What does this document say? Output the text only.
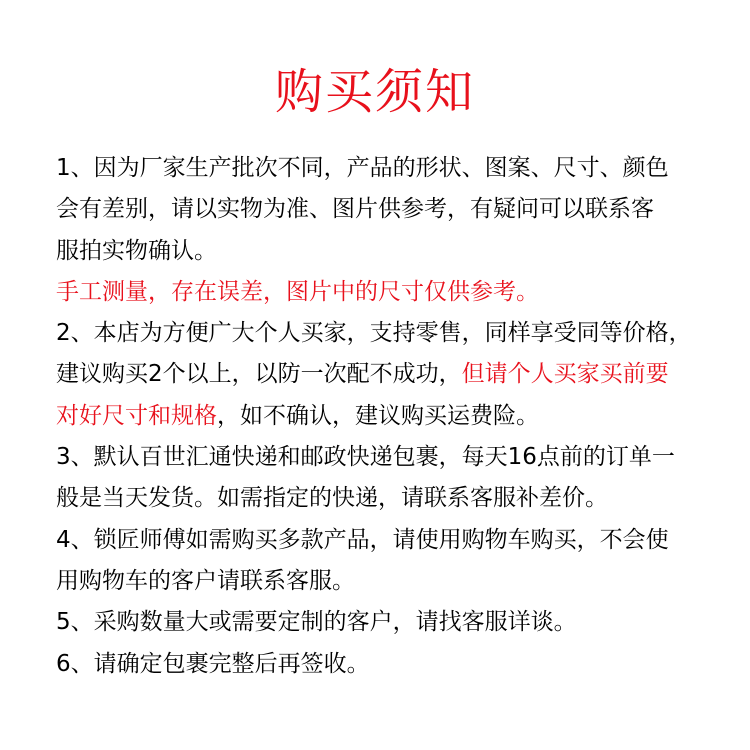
购买须知
1、因为厂家生产批次不同，产品的形状、图案、尺寸、颜色
会有差别，请以实物为准、图片供参考，有疑问可以联系客
服拍实物确认。
手工测量，存在误差，图片中的尺寸仅供参考。
2、本店为方便广大个人买家，支持零售，同样享受同等价格，
建议购买2个以上，以防一次配不成功，但请个人买家买前要
对好尺寸和规格，如不确认，建议购买运费险。
3、默认百世汇通快递和邮政快递包裹，每天16点前的订单一
般是当天发货。如需指定的快递，请联系客服补差价。
4、锁匠师傅如需购买多款产品，请使用购物车购买，不会使
用购物车的客户请联系客服。
5、采购数量大或需要定制的客户，请找客服详谈。
6、请确定包裹完整后再签收。
